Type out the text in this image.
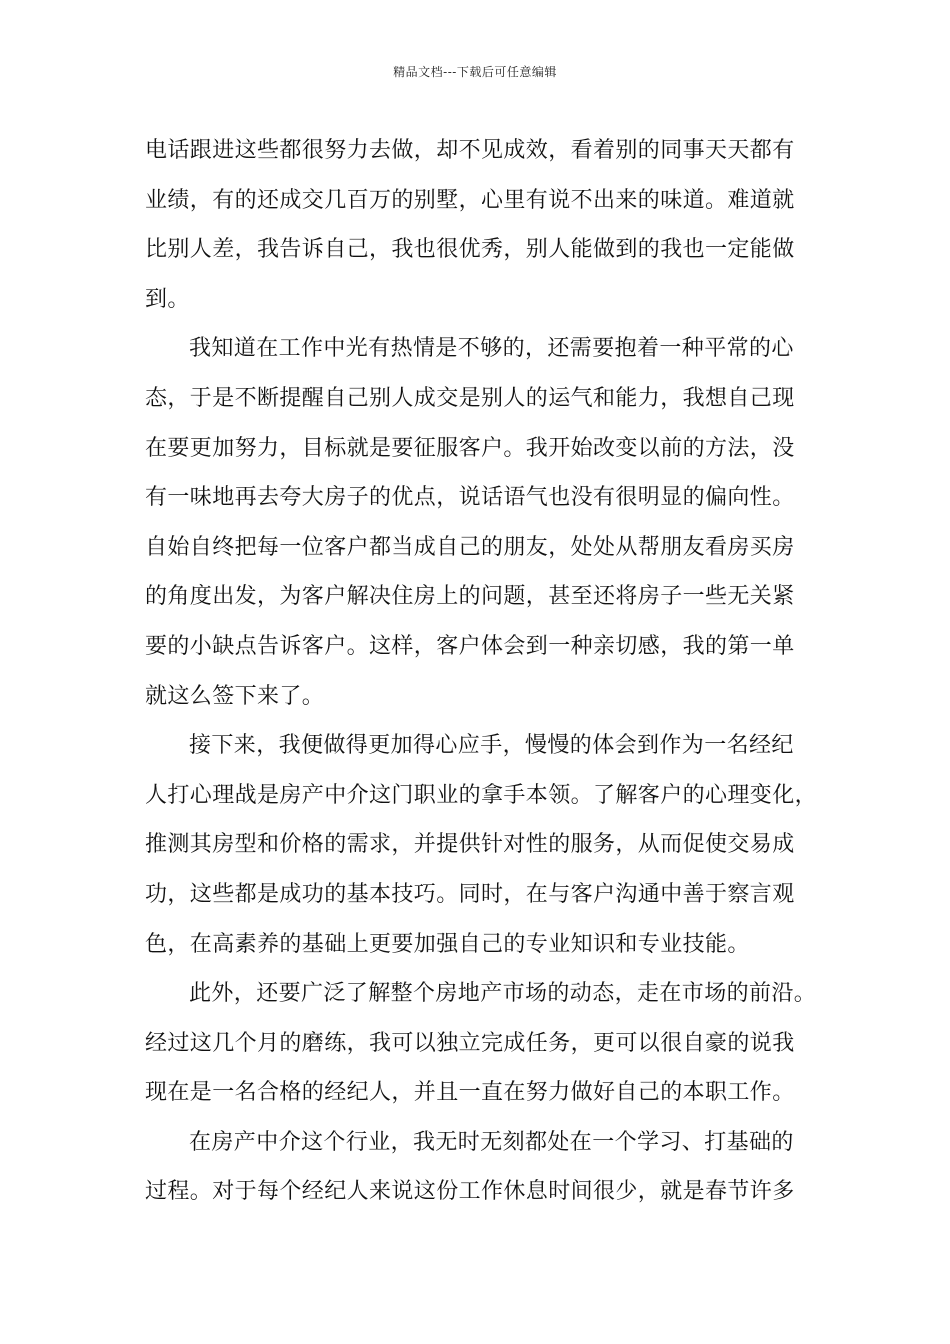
精品文档---下载后可任意编辑
电话跟进这些都很努力去做，却不见成效，看着别的同事天天都有
业绩，有的还成交几百万的别墅，心里有说不出来的味道。难道就
比别人差，我告诉自己，我也很优秀，别人能做到的我也一定能做
到。
我知道在工作中光有热情是不够的，还需要抱着一种平常的心
态，于是不断提醒自己别人成交是别人的运气和能力，我想自己现
在要更加努力，目标就是要征服客户。我开始改变以前的方法，没
有一味地再去夸大房子的优点，说话语气也没有很明显的偏向性。
自始自终把每一位客户都当成自己的朋友，处处从帮朋友看房买房
的角度出发，为客户解决住房上的问题，甚至还将房子一些无关紧
要的小缺点告诉客户。这样，客户体会到一种亲切感，我的第一单
就这么签下来了。
接下来，我便做得更加得心应手，慢慢的体会到作为一名经纪
人打心理战是房产中介这门职业的拿手本领。了解客户的心理变化，
推测其房型和价格的需求，并提供针对性的服务，从而促使交易成
功，这些都是成功的基本技巧。同时，在与客户沟通中善于察言观
色，在高素养的基础上更要加强自己的专业知识和专业技能。
此外，还要广泛了解整个房地产市场的动态，走在市场的前沿。
经过这几个月的磨练，我可以独立完成任务，更可以很自豪的说我
现在是一名合格的经纪人，并且一直在努力做好自己的本职工作。
在房产中介这个行业，我无时无刻都处在一个学习、打基础的
过程。对于每个经纪人来说这份工作休息时间很少，就是春节许多
